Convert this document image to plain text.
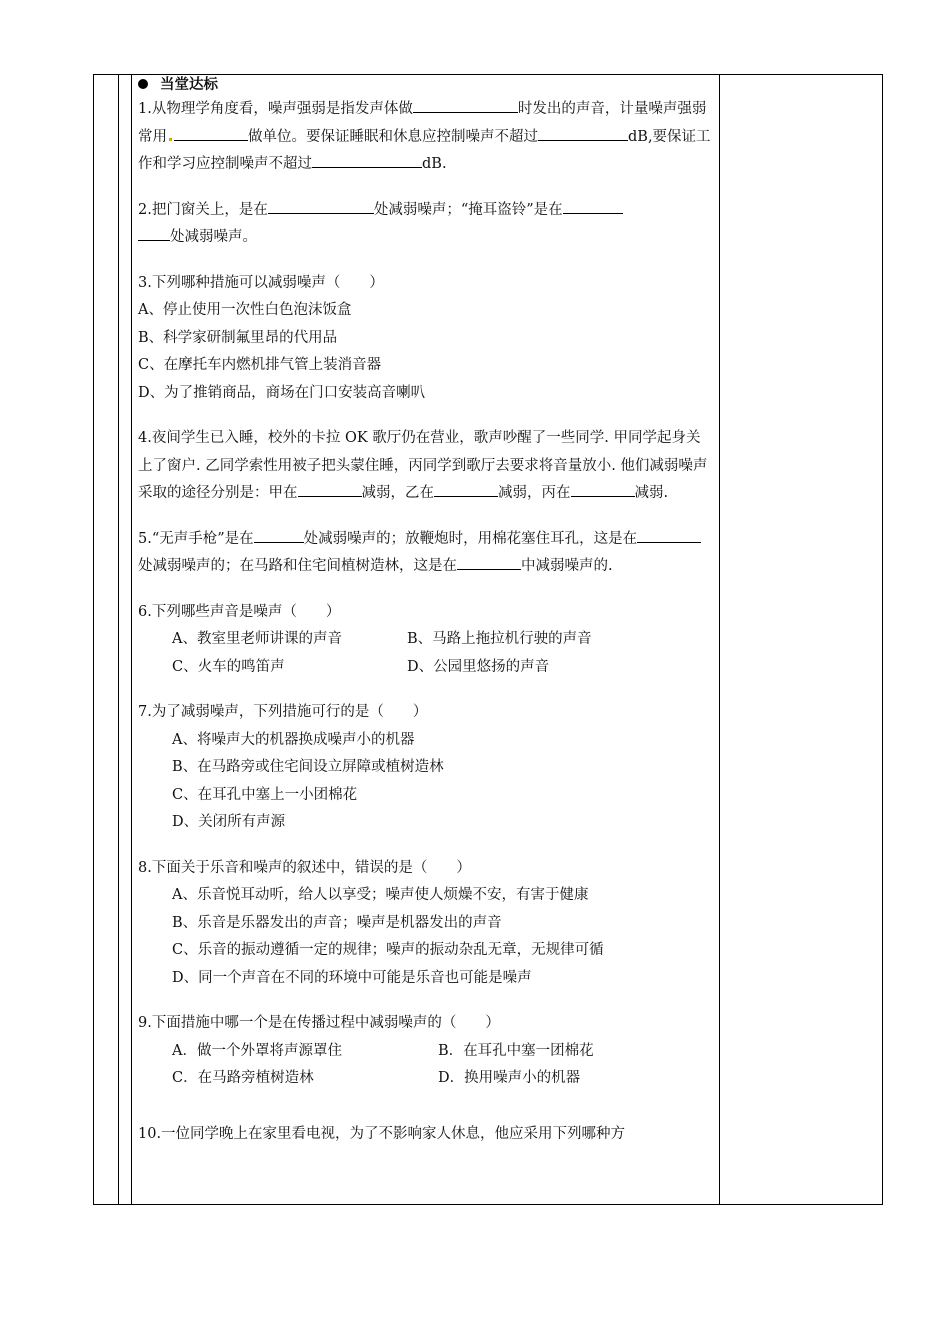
当堂达标

1.从物理学角度看，噪声强弱是指发声体做	时发出的声音，计量噪声强弱常用	做单位。要保证睡眠和休息应控制噪声不超过	dB,要保证工作和学习应控制噪声不超过	dB.

2.把门窗关上，是在	处减弱噪声；“掩耳盗铃”是在
处减弱噪声。

3.下列哪种措施可以减弱噪声（　　）

A、停止使用一次性白色泡沫饭盒

B、科学家研制氟里昂的代用品

C、在摩托车内燃机排气管上装消音器

D、为了推销商品，商场在门口安装高音喇叭

4.夜间学生已入睡，校外的卡拉 OK 歌厅仍在营业，歌声吵醒了一些同学. 甲同学起身关上了窗户. 乙同学索性用被子把头蒙住睡，丙同学到歌厅去要求将音量放小. 他们减弱噪声采取的途径分别是：甲在	减弱，乙在	减弱，丙在	减弱.

5.“无声手枪”是在	处减弱噪声的；放鞭炮时，用棉花塞住耳孔，这是在处减弱噪声的；在马路和住宅间植树造林，这是在	中减弱噪声的.

6.下列哪些声音是噪声（　　）

A、教室里老师讲课的声音	B、马路上拖拉机行驶的声音
C、火车的鸣笛声	D、公园里悠扬的声音

7.为了减弱噪声，下列措施可行的是（　　）

A、将噪声大的机器换成噪声小的机器

B、在马路旁或住宅间设立屏障或植树造林

C、在耳孔中塞上一小团棉花

D、关闭所有声源

8.下面关于乐音和噪声的叙述中，错误的是（　　）

A、乐音悦耳动听，给人以享受；噪声使人烦燥不安，有害于健康

B、乐音是乐器发出的声音；噪声是机器发出的声音

C、乐音的振动遵循一定的规律；噪声的振动杂乱无章，无规律可循

D、同一个声音在不同的环境中可能是乐音也可能是噪声

9.下面措施中哪一个是在传播过程中减弱噪声的（　　）

A．做一个外罩将声源罩住	B．在耳孔中塞一团棉花
C．在马路旁植树造林	D．换用噪声小的机器

10.一位同学晚上在家里看电视，为了不影响家人休息，他应采用下列哪种方
